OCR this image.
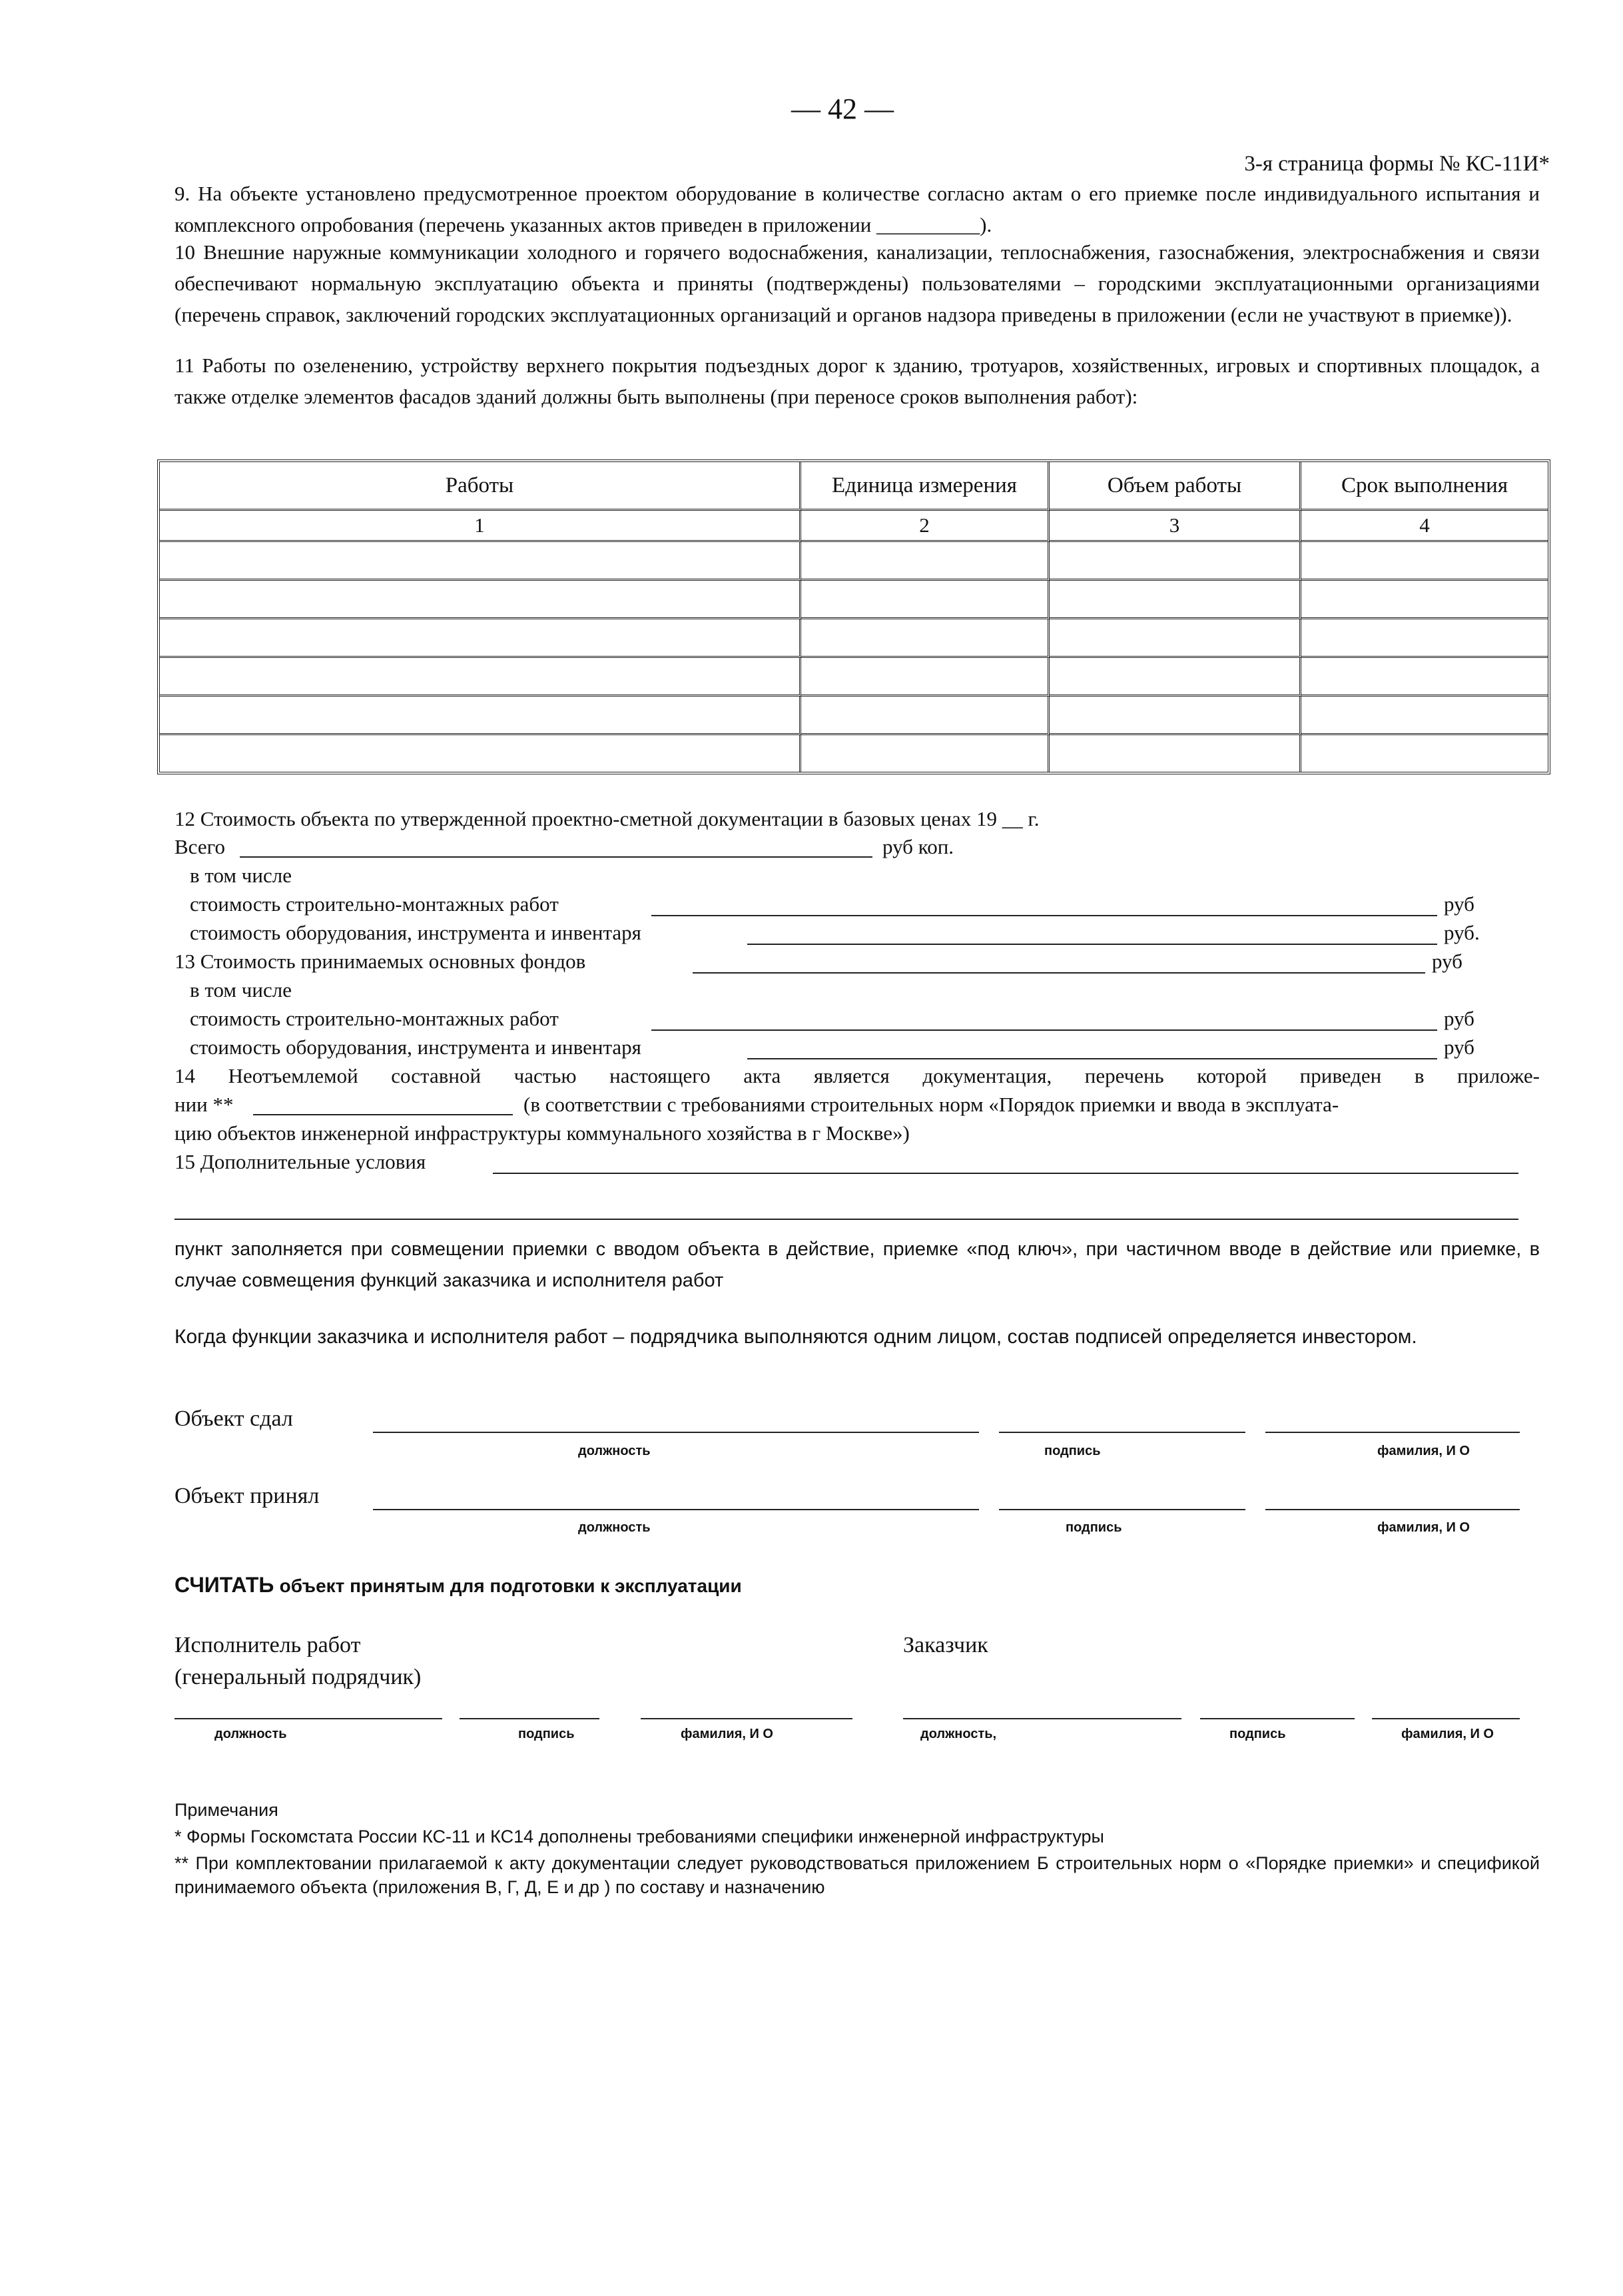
— 42 —
3-я страница формы № КС-11И*
9. На объекте установлено предусмотренное проектом оборудование в количестве согласно актам о его приемке после индивидуального испытания и комплексного опробования (перечень указанных актов приведен в приложении __________).
10 Внешние наружные коммуникации холодного и горячего водоснабжения, канализации, теплоснабжения, газоснабжения, электроснабжения и связи обеспечивают нормальную эксплуатацию объекта и приняты (подтверждены) пользователями – городскими эксплуатационными организациями (перечень справок, заключений городских эксплуатационных организаций и органов надзора приведены в приложении (если не участвуют в приемке)).
11 Работы по озеленению, устройству верхнего покрытия подъездных дорог к зданию, тротуаров, хозяйственных, игровых и спортивных площадок, а также отделке элементов фасадов зданий должны быть выполнены (при переносе сроков выполнения работ):
Работы	Единица измерения	Объем работы	Срок выполнения
1	2	3	4

12 Стоимость объекта по утвержденной проектно-сметной документации в базовых ценах 19 __ г.
Всего	руб коп.
в том числе
стоимость строительно-монтажных работ	руб
стоимость оборудования, инструмента и инвентаря	руб.
13 Стоимость принимаемых основных фондов	руб
в том числе
стоимость строительно-монтажных работ	руб
стоимость оборудования, инструмента и инвентаря	руб
14 Неотъемлемой составной частью настоящего акта является документация, перечень которой приведен в приложе-
нии **	(в соответствии с требованиями строительных норм «Порядок приемки и ввода в эксплуата-
цию объектов инженерной инфраструктуры коммунального хозяйства в г Москве»)
15 Дополнительные условия
пункт заполняется при совмещении приемки с вводом объекта в действие, приемке «под ключ», при частичном вводе в действие или приемке, в случае совмещения функций заказчика и исполнителя работ
Когда функции заказчика и исполнителя работ – подрядчика выполняются одним лицом, состав подписей определяется инвестором.
Объект сдал
должность	подпись	фамилия, И О
Объект принял
должность	подпись	фамилия, И О
СЧИТАТЬ объект принятым для подготовки к эксплуатации
Исполнитель работ
(генеральный подрядчик)
Заказчик
должность	подпись	фамилия, И О	должность,	подпись	фамилия, И О
Примечания
* Формы Госкомстата России КС-11 и КС14 дополнены требованиями специфики инженерной инфраструктуры
** При комплектовании прилагаемой к акту документации следует руководствоваться приложением Б строительных норм о «Порядке приемки» и спецификой принимаемого объекта (приложения В, Г, Д, Е и др ) по составу и назначению
